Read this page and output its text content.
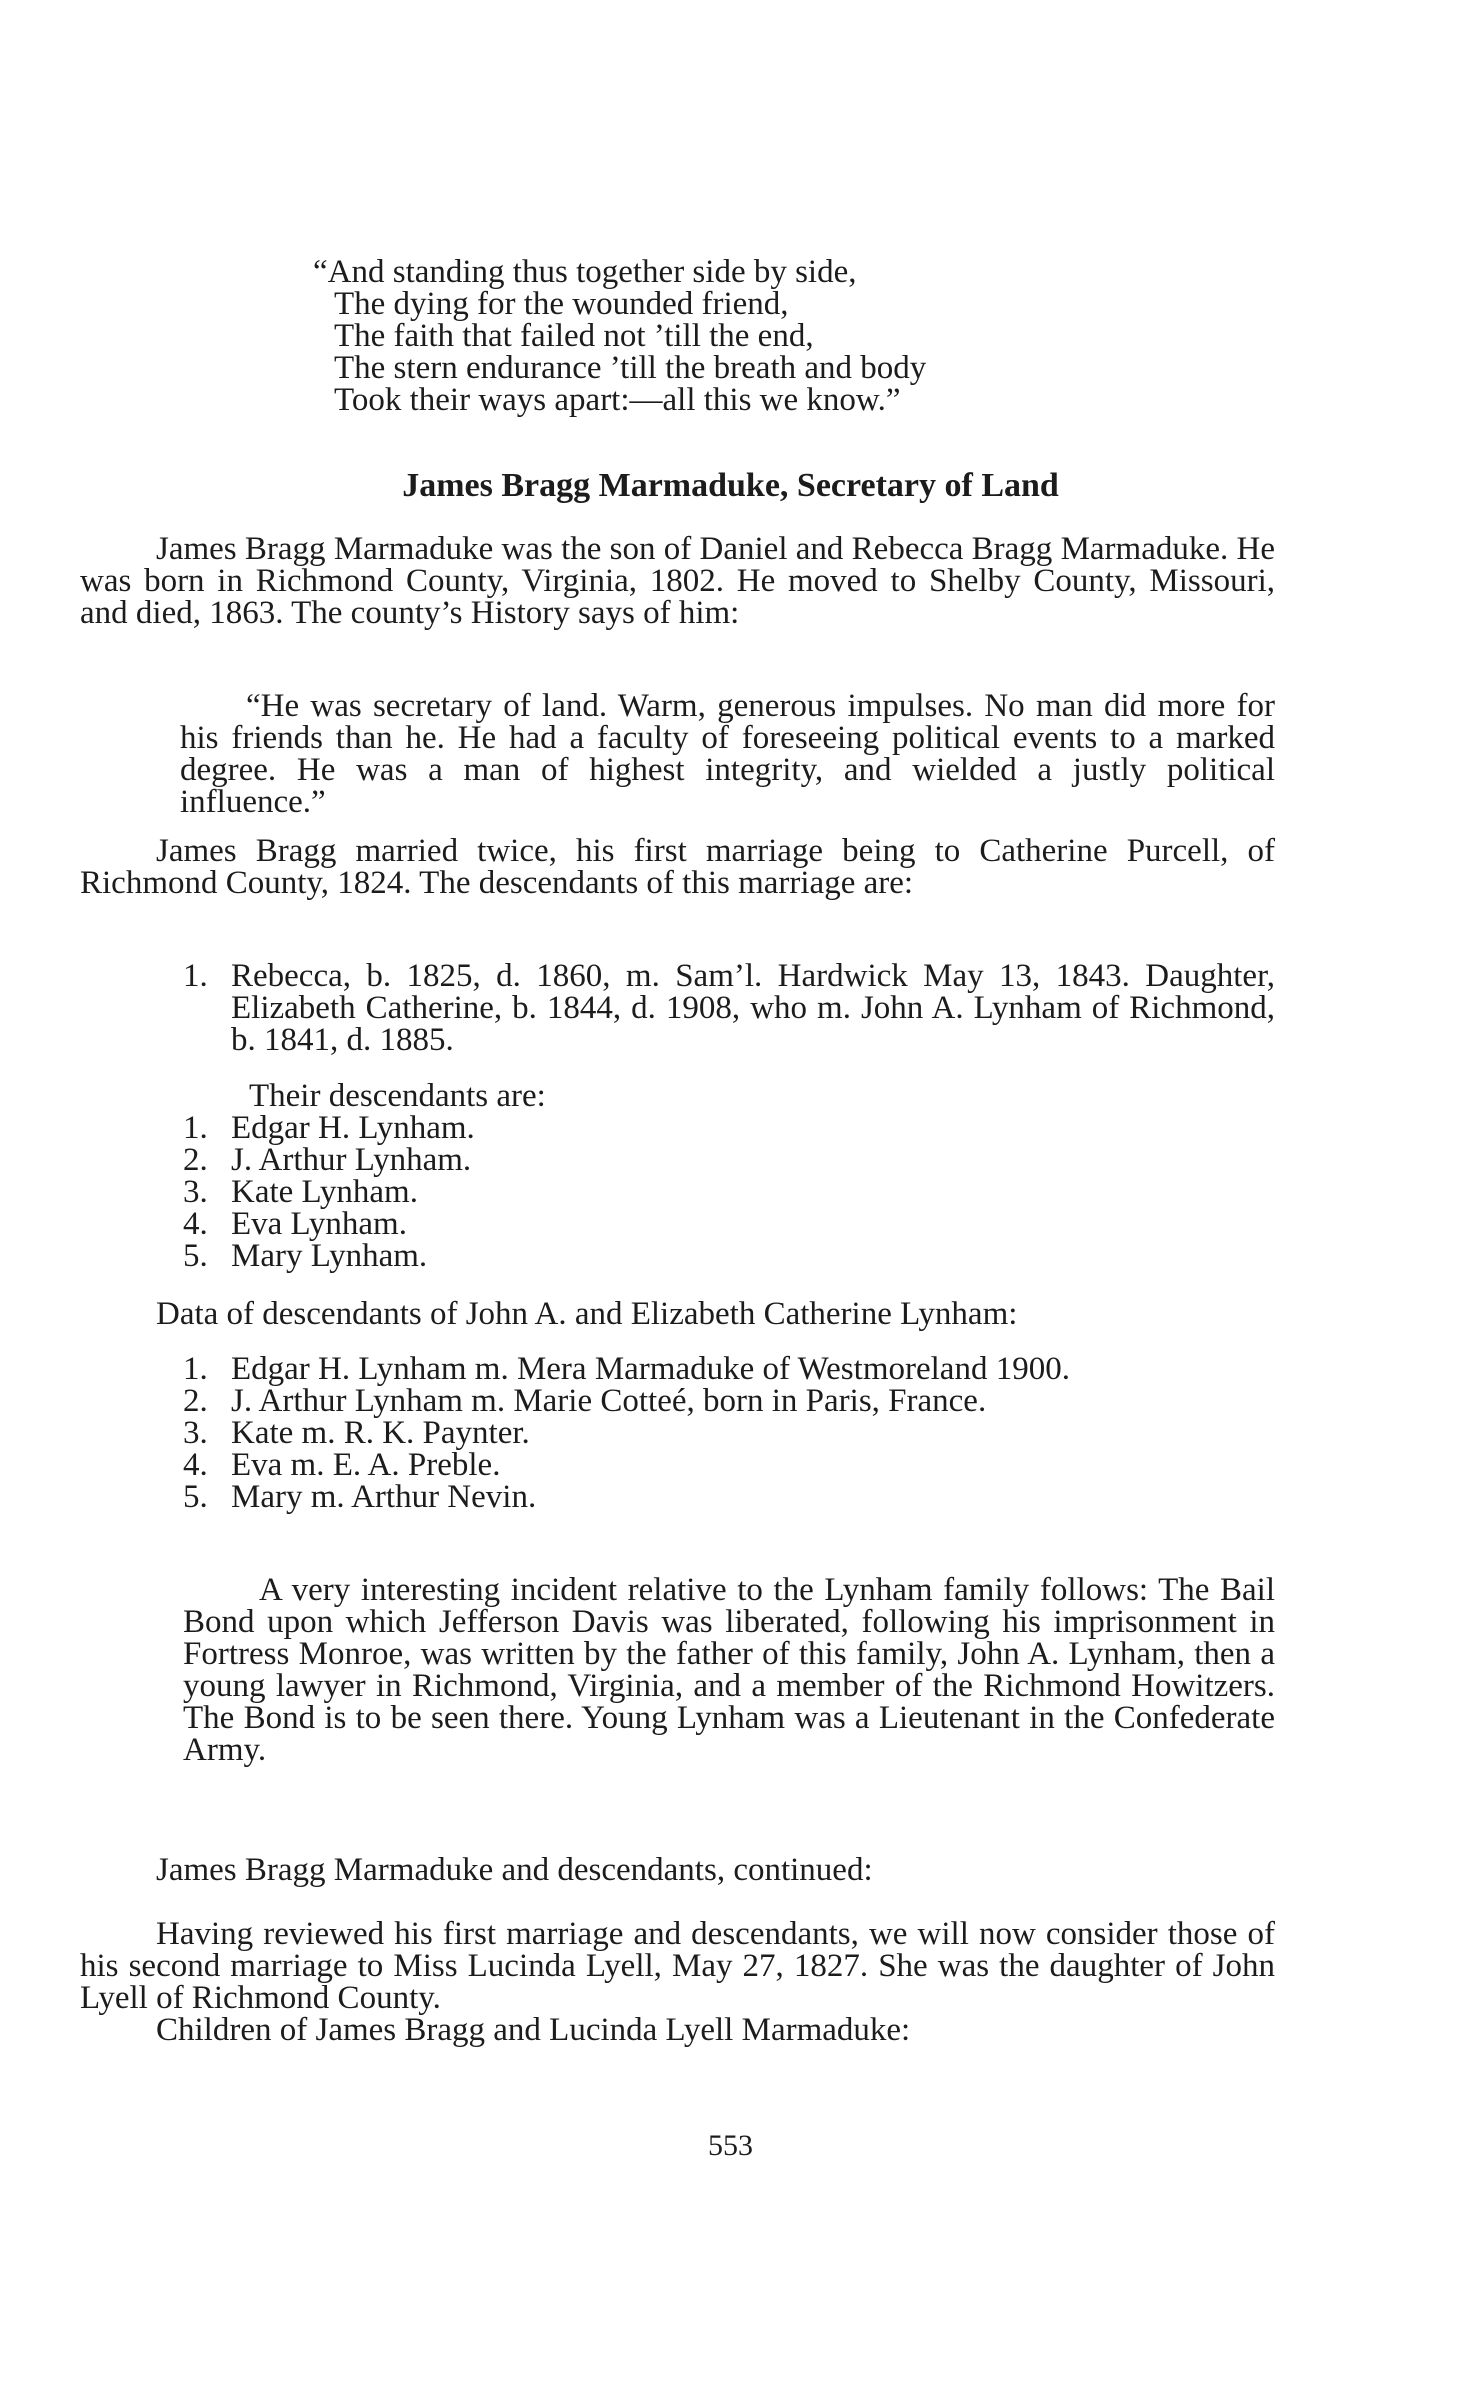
“And standing thus together side by side,
The dying for the wounded friend,
The faith that failed not ’till the end,
The stern endurance ’till the breath and body
Took their ways apart:—all this we know.”
James Bragg Marmaduke, Secretary of Land

James Bragg Marmaduke was the son of Daniel and Rebecca Bragg Marmaduke. He was born in Richmond County, Virginia, 1802. He moved to Shelby County, Missouri, and died, 1863. The county’s History says of him:

“He was secretary of land. Warm, generous impulses. No man did more for his friends than he. He had a faculty of foreseeing political events to a marked degree. He was a man of highest integrity, and wielded a justly political influence.”

James Bragg married twice, his first marriage being to Catherine Purcell, of Richmond County, 1824. The descendants of this marriage are:

1. Rebecca, b. 1825, d. 1860, m. Sam’l. Hardwick May 13, 1843. Daughter, Elizabeth Catherine, b. 1844, d. 1908, who m. John A. Lynham of Richmond, b. 1841, d. 1885.
Their descendants are:
1. Edgar H. Lynham.
2. J. Arthur Lynham.
3. Kate Lynham.
4. Eva Lynham.
5. Mary Lynham.
Data of descendants of John A. and Elizabeth Catherine Lynham:
1. Edgar H. Lynham m. Mera Marmaduke of Westmoreland 1900.
2. J. Arthur Lynham m. Marie Cotteé, born in Paris, France.
3. Kate m. R. K. Paynter.
4. Eva m. E. A. Preble.
5. Mary m. Arthur Nevin.

A very interesting incident relative to the Lynham family follows: The Bail Bond upon which Jefferson Davis was liberated, following his imprisonment in Fortress Monroe, was written by the father of this family, John A. Lynham, then a young lawyer in Richmond, Virginia, and a member of the Richmond Howitzers. The Bond is to be seen there. Young Lynham was a Lieutenant in the Confederate Army.

James Bragg Marmaduke and descendants, continued:

Having reviewed his first marriage and descendants, we will now consider those of his second marriage to Miss Lucinda Lyell, May 27, 1827. She was the daughter of John Lyell of Richmond County.

Children of James Bragg and Lucinda Lyell Marmaduke:
553
